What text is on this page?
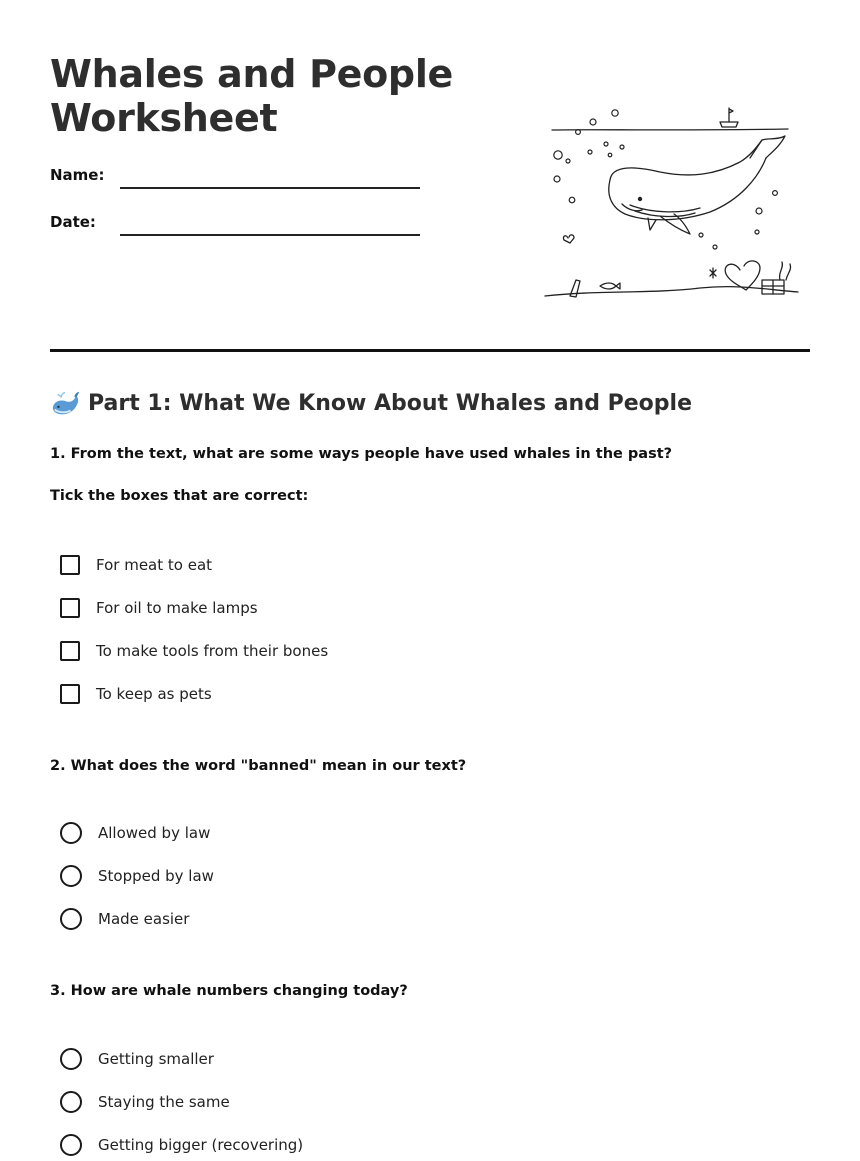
Whales and People
Worksheet
Name:
Date:
Part 1: What We Know About Whales and People

1. From the text, what are some ways people have used whales in the past?

Tick the boxes that are correct:

For meat to eat
For oil to make lamps
To make tools from their bones
To keep as pets

2. What does the word "banned" mean in our text?

Allowed by law
Stopped by law
Made easier

3. How are whale numbers changing today?

Getting smaller
Staying the same
Getting bigger (recovering)
